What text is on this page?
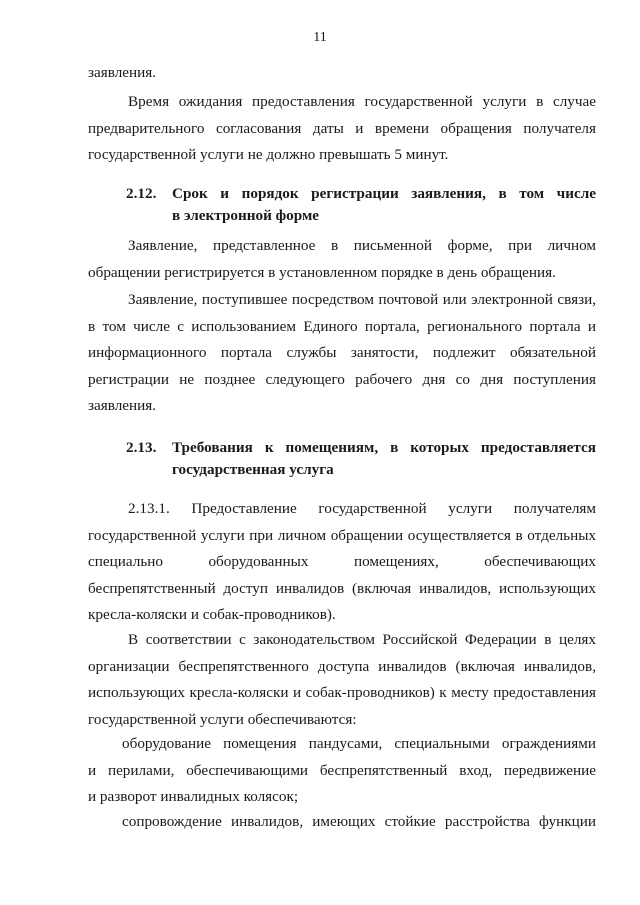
11
заявления.
Время ожидания предоставления государственной услуги в случае
предварительного согласования даты и времени обращения получателя
государственной услуги не должно превышать 5 минут.
2.12. Срок и порядок регистрации заявления, в том числе
в электронной форме
Заявление, представленное в письменной форме, при личном
обращении регистрируется в установленном порядке в день обращения.
Заявление, поступившее посредством почтовой или электронной связи,
в том числе с использованием Единого портала, регионального портала и
информационного портала службы занятости, подлежит обязательной
регистрации не позднее следующего рабочего дня со дня поступления
заявления.
2.13. Требования к помещениям, в которых предоставляется
государственная услуга
2.13.1. Предоставление государственной услуги получателям
государственной услуги при личном обращении осуществляется в отдельных
специально оборудованных помещениях, обеспечивающих
беспрепятственный доступ инвалидов (включая инвалидов, использующих
кресла-коляски и собак-проводников).
В соответствии с законодательством Российской Федерации в целях
организации беспрепятственного доступа инвалидов (включая инвалидов,
использующих кресла-коляски и собак-проводников) к месту предоставления
государственной услуги обеспечиваются:
оборудование помещения пандусами, специальными ограждениями
и перилами, обеспечивающими беспрепятственный вход, передвижение
и разворот инвалидных колясок;
сопровождение инвалидов, имеющих стойкие расстройства функции
